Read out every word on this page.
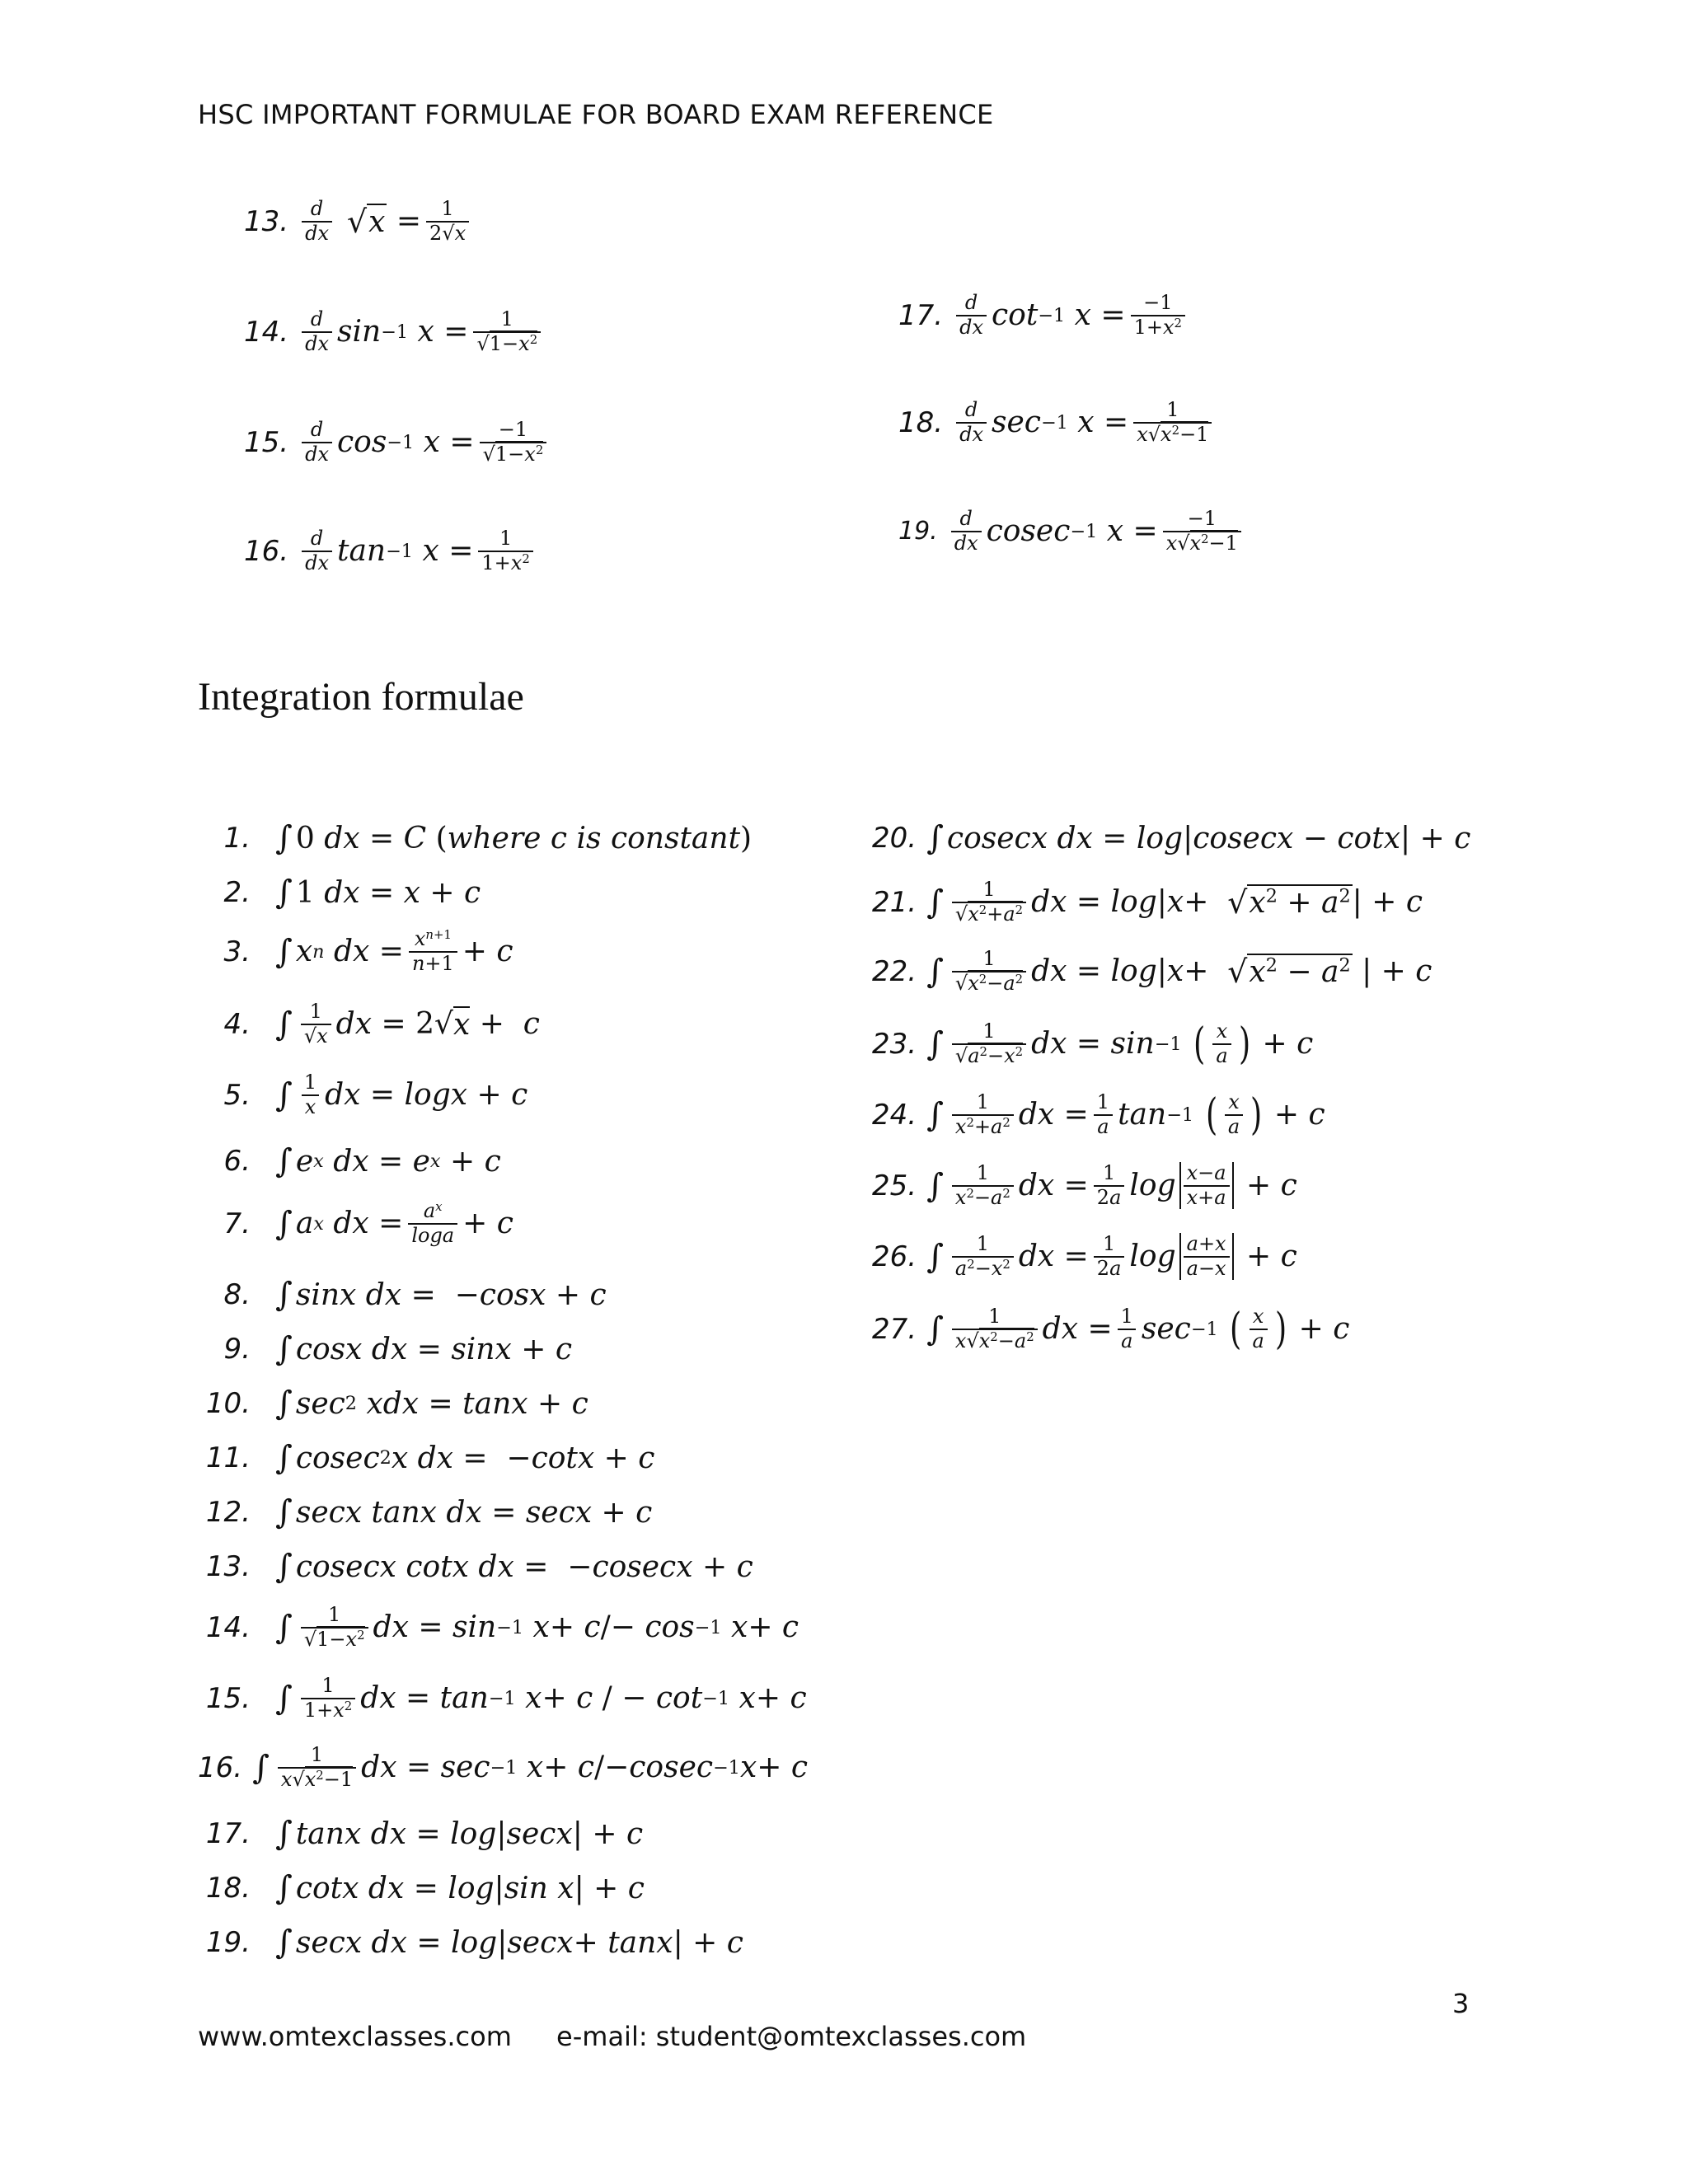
HSC IMPORTANT FORMULAE FOR BOARD EXAM REFERENCE
13. d
dx √ x
= $\frac{1}{2√x}$
14. d
dx sin −1 $x = \frac{1}{√1-x^2}$
15. d
dx cos −1 $x = \frac{-1}{√1-x^2}$
16. d
dx tan −1 $x = \frac{1}{1+x^2}$
17. d
dx cot −1 $x = \frac{-1}{1+x^2}$
18. d
dx sec −1 $x = \frac{1}{x√x^2-1}$
19. d
dx cosec −1 $x = \frac{-1}{x√x^2-1}$
Integration formulae
1. ∫ 0 dx = C ( where c is constant )
2. ∫ 1 dx = x + c
3. ∫ x n dx = $\frac{x^{n+1}}{n+1} + c$
4. ∫ $\frac{1}{√x}$ dx = 2 √ x + c
5. ∫ $\frac{1}{x}$ dx = logx + c
6. ∫ e x dx = e x + c
7. ∫ a x dx = $\frac{a^x}{\log a} + c$
8. ∫ sinx dx =  − cosx + c
9. ∫ cosx dx = sinx + c
10. ∫ sec 2 xdx = tanx + c
11. ∫ cosec 2 x dx =  − cotx + c
12. ∫ secx tanx dx = secx + c
13. ∫ cosecx cotx dx =  − cosecx + c
14. ∫ $\frac{1}{√1-x^2}$ dx = sin −1 x + c /− cos −1 x + c
15. ∫ $\frac{1}{1+x^2}$ dx = tan −1 x + c / − cot −1 x + c
16. ∫ $\frac{1}{x√x^2-1}$ dx = sec −1 x + c /− cosec −1 x + c
17. ∫ tanx dx = log | secx | + c
18. ∫ cotx dx = log | sin x | + c
19. ∫ secx dx = log | secx + tanx | + c
20. ∫ cosecx dx = log | cosecx − cotx | + c
21. ∫ $\frac{1}{√x^2+a^2}$ dx = log | x + √ $x^2 + a^2$ | + c
22. ∫ $\frac{1}{√x^2-a^2}$ dx = log | x + √ $x^2 - a^2$ | + c
23. ∫ $\frac{1}{√a^2-x^2}$ dx = sin −1
( x
a ) + c
24. ∫ $\frac{1}{x^2+a^2}$ dx = $\frac{1}{a}$ tan −1
( x
a ) + c
25. ∫ $\frac{1}{x^2-a^2}$ dx = $\frac{1}{2a}$ log x−a
x+a + c
26. ∫ $\frac{1}{a^2-x^2}$ dx = $\frac{1}{2a}$ log a+x
a−x + c
27. ∫ $\frac{1}{x√x^2-a^2}$ dx = $\frac{1}{a}$ sec −1
( x
a ) + c
3
www.omtexclasses.com e-mail: student@omtexclasses.com
